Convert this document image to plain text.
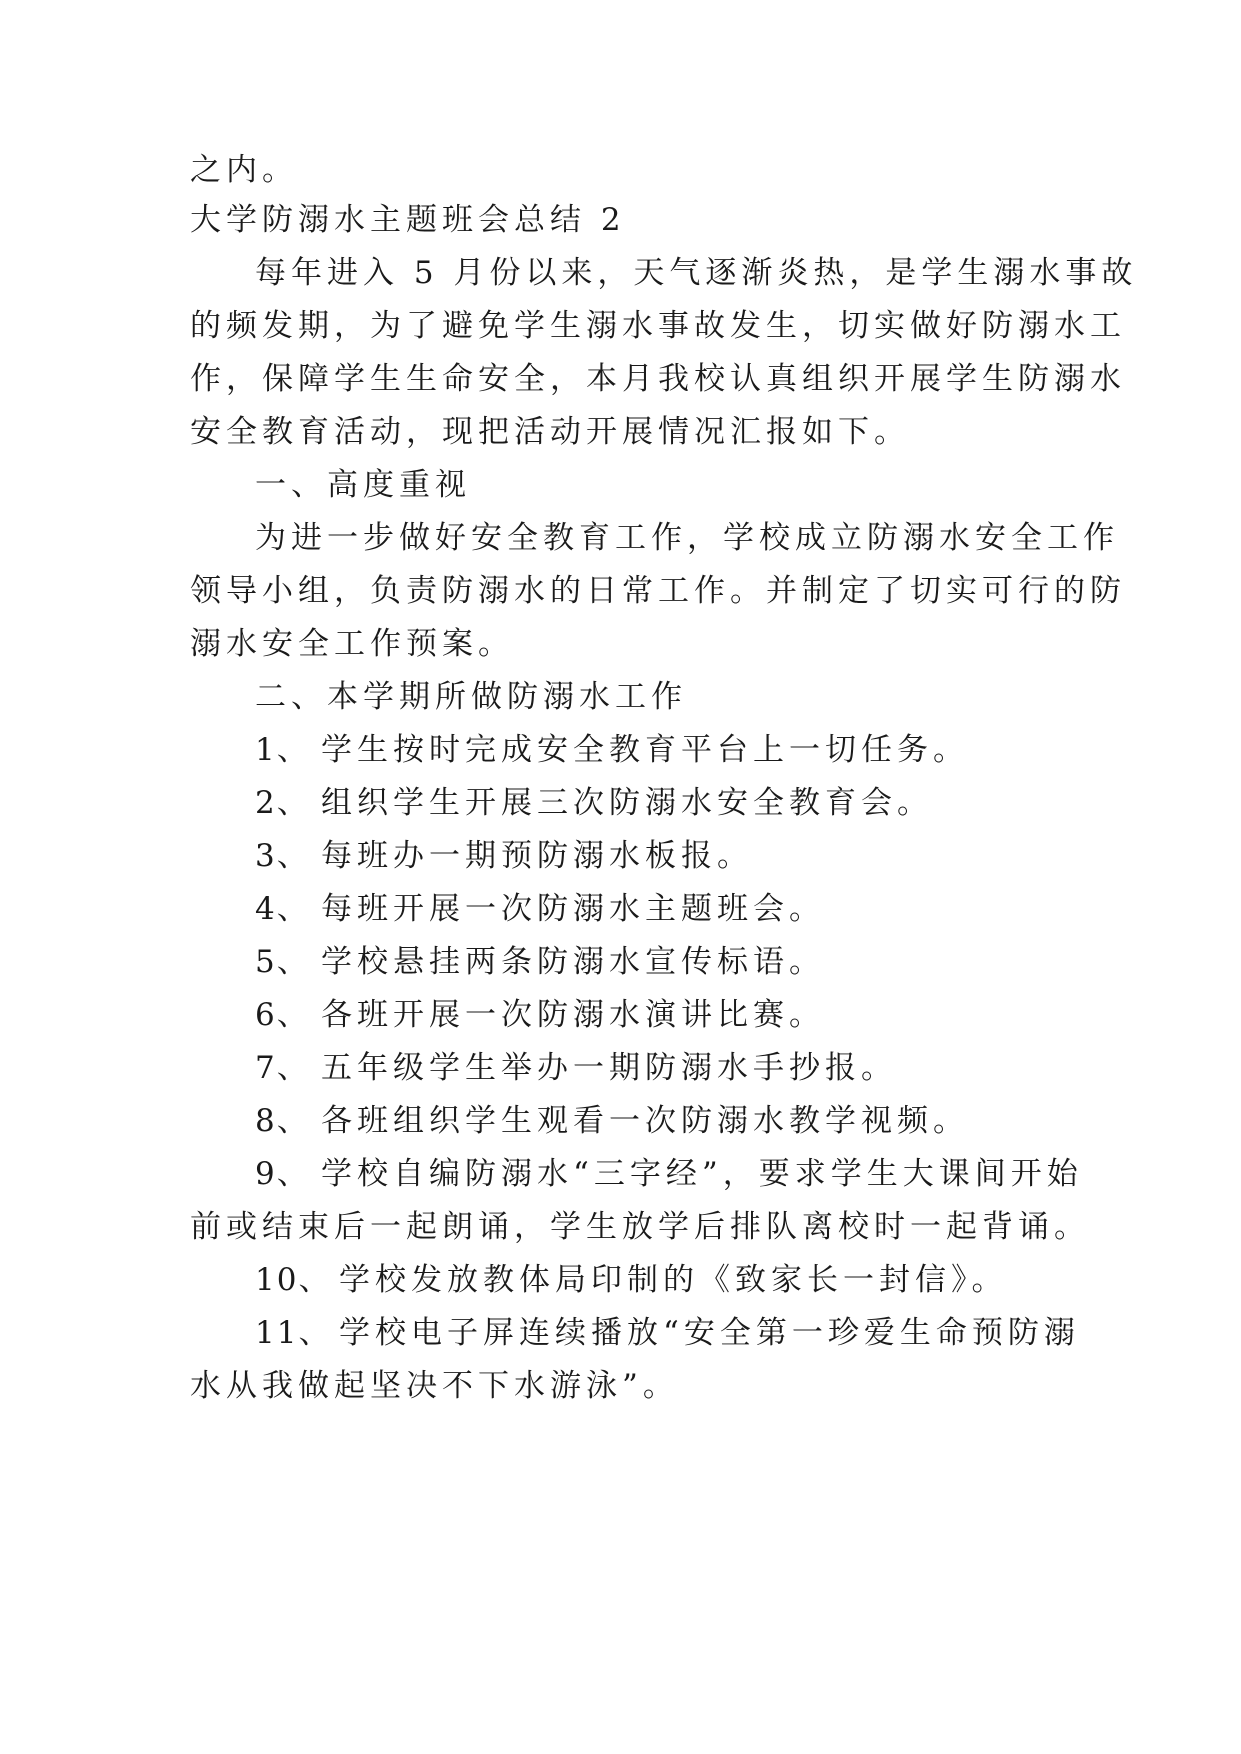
之内。
大学防溺水主题班会总结 2
每年进入 5 月份以来，天气逐渐炎热，是学生溺水事故
的频发期，为了避免学生溺水事故发生，切实做好防溺水工
作，保障学生生命安全，本月我校认真组织开展学生防溺水
安全教育活动，现把活动开展情况汇报如下。
一、高度重视
为进一步做好安全教育工作，学校成立防溺水安全工作
领导小组，负责防溺水的日常工作。并制定了切实可行的防
溺水安全工作预案。
二、本学期所做防溺水工作
1、 学生按时完成安全教育平台上一切任务。
2、 组织学生开展三次防溺水安全教育会。
3、 每班办一期预防溺水板报。
4、 每班开展一次防溺水主题班会。
5、 学校悬挂两条防溺水宣传标语。
6、 各班开展一次防溺水演讲比赛。
7、 五年级学生举办一期防溺水手抄报。
8、 各班组织学生观看一次防溺水教学视频。
9、 学校自编防溺水“三字经”，要求学生大课间开始
前或结束后一起朗诵，学生放学后排队离校时一起背诵。
10、 学校发放教体局印制的《致家长一封信》。
11、 学校电子屏连续播放“安全第一珍爱生命预防溺
水从我做起坚决不下水游泳”。
